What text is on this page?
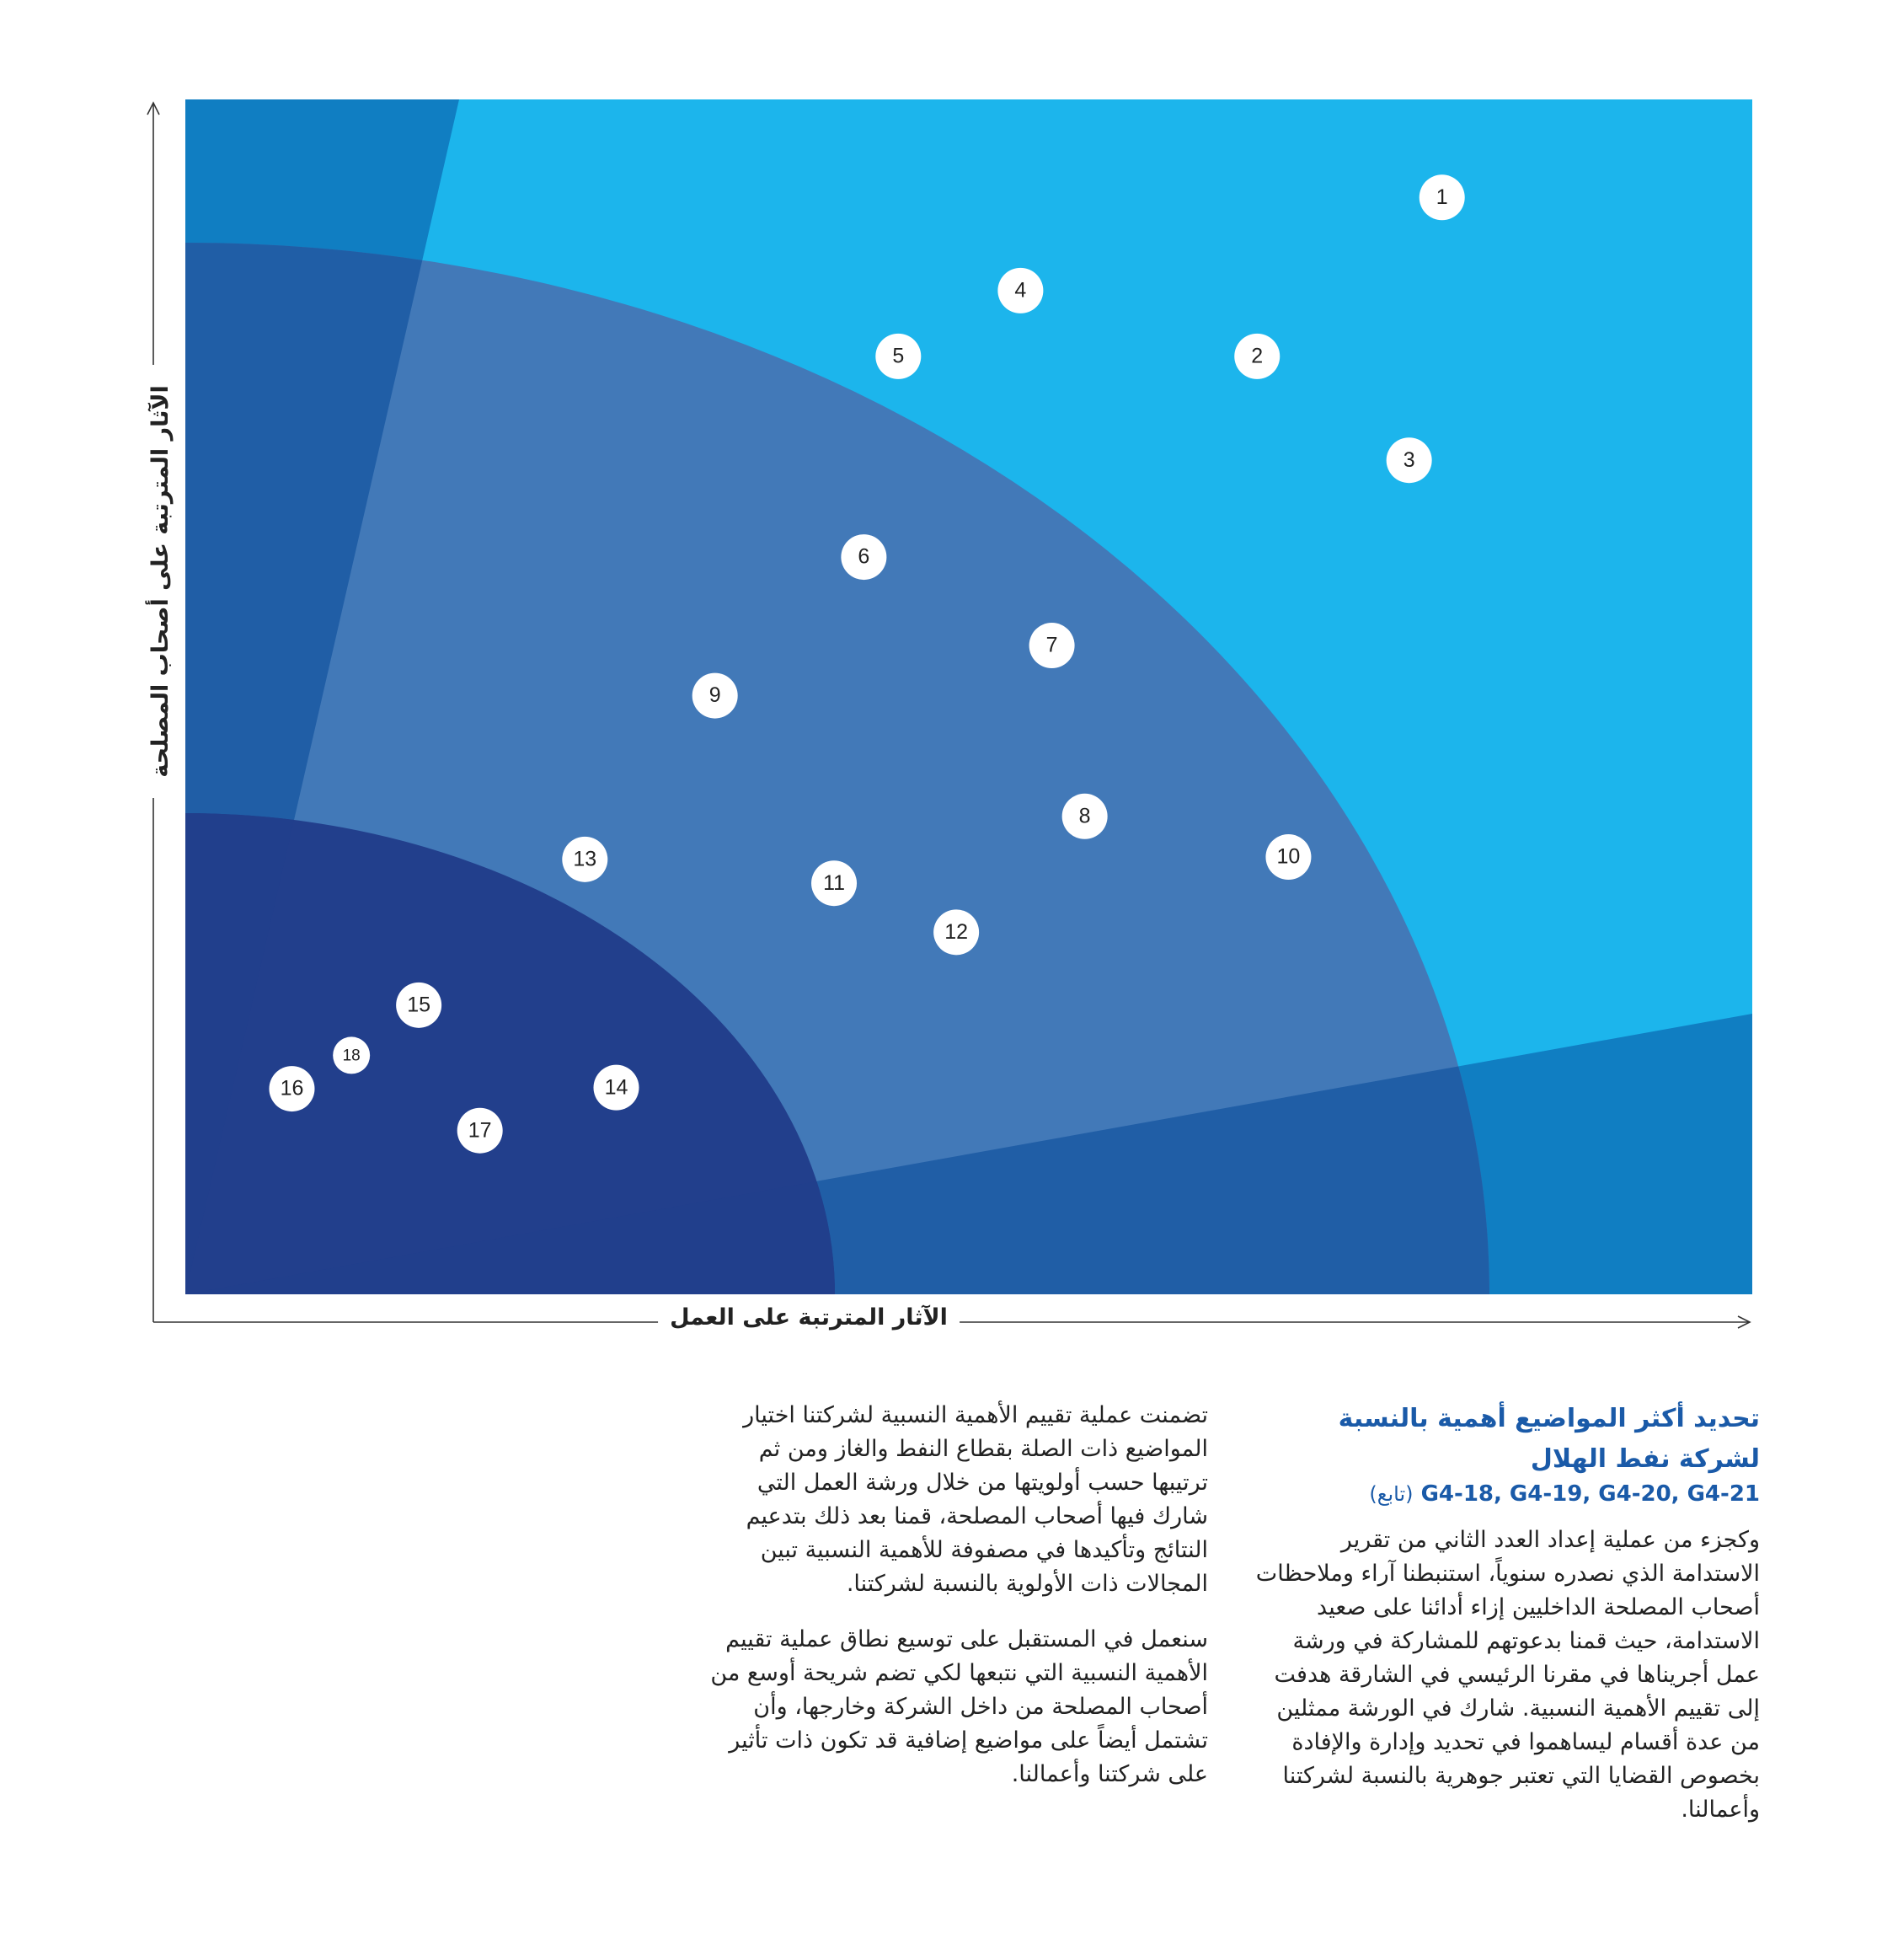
1
2
3
4
5
6
7
8
9
10
11
12
13
14
15
16
17
18
الآثار المترتبة على أصحاب المصلحة
الآثار المترتبة على العمل
تحديد أكثر المواضيع أهمية بالنسبة لشركة نفط الهلال
G4-18, G4-19, G4-20, G4-21 (تابع)

وكجزء من عملية إعداد العدد الثاني من تقرير الاستدامة الذي نصدره سنوياً، استنبطنا آراء وملاحظات أصحاب المصلحة الداخليين إزاء أدائنا على صعيد الاستدامة، حيث قمنا بدعوتهم للمشاركة في ورشة عمل أجريناها في مقرنا الرئيسي في الشارقة هدفت إلى تقييم الأهمية النسبية. شارك في الورشة ممثلين من عدة أقسام ليساهموا في تحديد وإدارة والإفادة بخصوص القضايا التي تعتبر جوهرية بالنسبة لشركتنا وأعمالنا.

تضمنت عملية تقييم الأهمية النسبية لشركتنا اختيار المواضيع ذات الصلة بقطاع النفط والغاز ومن ثم ترتيبها حسب أولويتها من خلال ورشة العمل التي شارك فيها أصحاب المصلحة، قمنا بعد ذلك بتدعيم النتائج وتأكيدها في مصفوفة للأهمية النسبية تبين المجالات ذات الأولوية بالنسبة لشركتنا.

سنعمل في المستقبل على توسيع نطاق عملية تقييم الأهمية النسبية التي نتبعها لكي تضم شريحة أوسع من أصحاب المصلحة من داخل الشركة وخارجها، وأن تشتمل أيضاً على مواضيع إضافية قد تكون ذات تأثير على شركتنا وأعمالنا.
